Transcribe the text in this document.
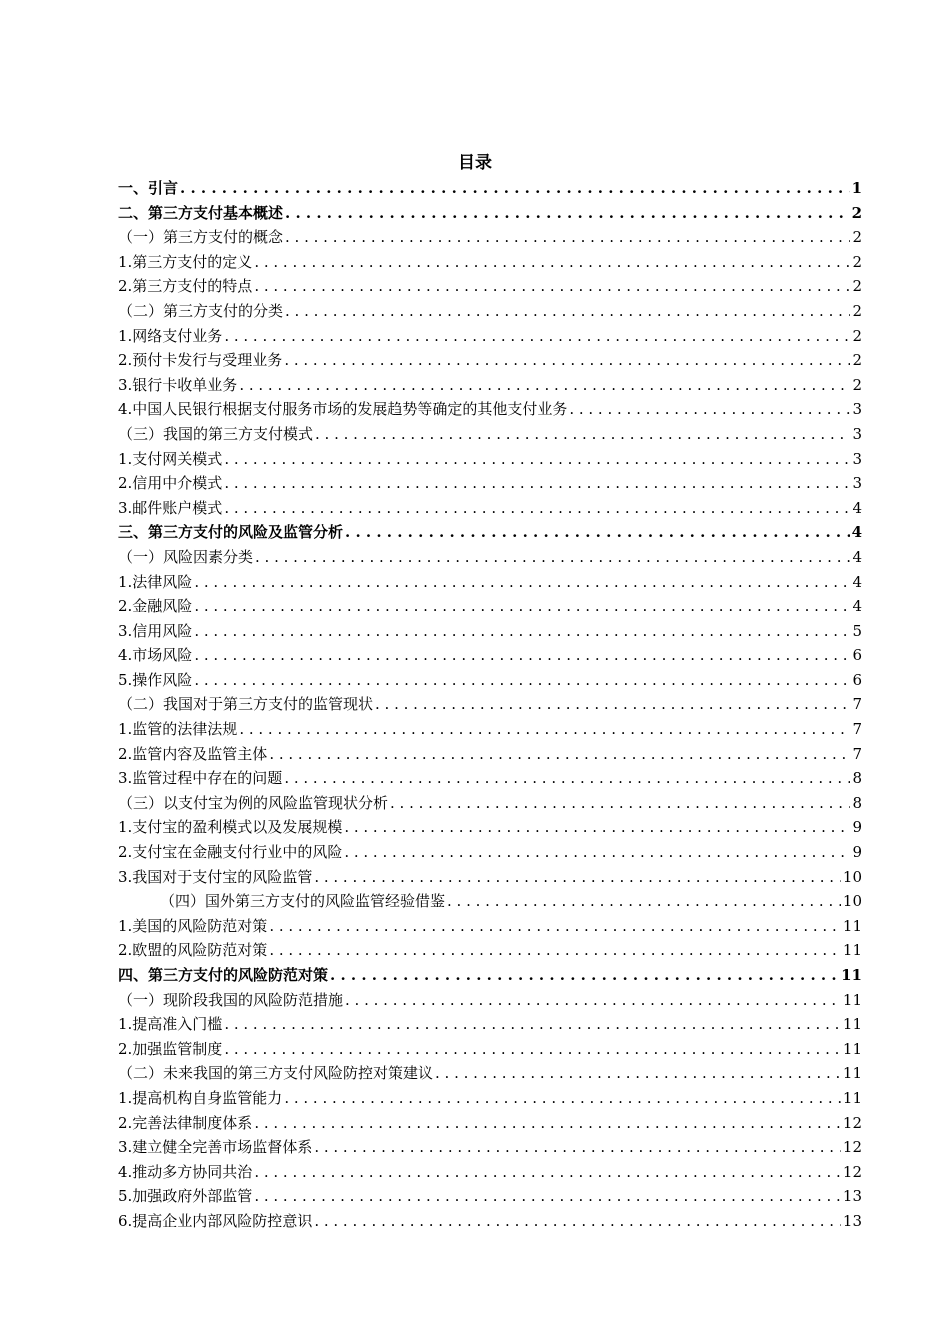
目录
一、引言 . . .	1
二、第三方支付基本概述 . . .	2
（一）第三方支付的概念 . . .	2
1.第三方支付的定义 . . .	2
2.第三方支付的特点 . . .	2
（二）第三方支付的分类 . . .	2
1.网络支付业务 . . .	2
2.预付卡发行与受理业务 . . .	2
3.银行卡收单业务 . . .	2
4.中国人民银行根据支付服务市场的发展趋势等确定的其他支付业务 . . .	3
（三）我国的第三方支付模式 . . .	3
1.支付网关模式 . . .	3
2.信用中介模式 . . .	3
3.邮件账户模式 . . .	4
三、第三方支付的风险及监管分析 . . .	4
（一）风险因素分类 . . .	4
1.法律风险 . . .	4
2.金融风险 . . .	4
3.信用风险 . . .	5
4.市场风险 . . .	6
5.操作风险 . . .	6
（二）我国对于第三方支付的监管现状 . . .	7
1.监管的法律法规 . . .	7
2.监管内容及监管主体 . . .	7
3.监管过程中存在的问题 . . .	8
（三）以支付宝为例的风险监管现状分析 . . .	8
1.支付宝的盈利模式以及发展规模 . . .	9
2.支付宝在金融支付行业中的风险 . . .	9
3.我国对于支付宝的风险监管 . . .	10
（四）国外第三方支付的风险监管经验借鉴 . . .	10
1.美国的风险防范对策 . . .	11
2.欧盟的风险防范对策 . . .	11
四、第三方支付的风险防范对策 . . .	11
（一）现阶段我国的风险防范措施 . . .	11
1.提高准入门槛 . . .	11
2.加强监管制度 . . .	11
（二）未来我国的第三方支付风险防控对策建议 . . .	11
1.提高机构自身监管能力 . . .	11
2.完善法律制度体系 . . .	12
3.建立健全完善市场监督体系 . . .	12
4.推动多方协同共治 . . .	12
5.加强政府外部监管 . . .	13
6.提高企业内部风险防控意识 . . .	13
